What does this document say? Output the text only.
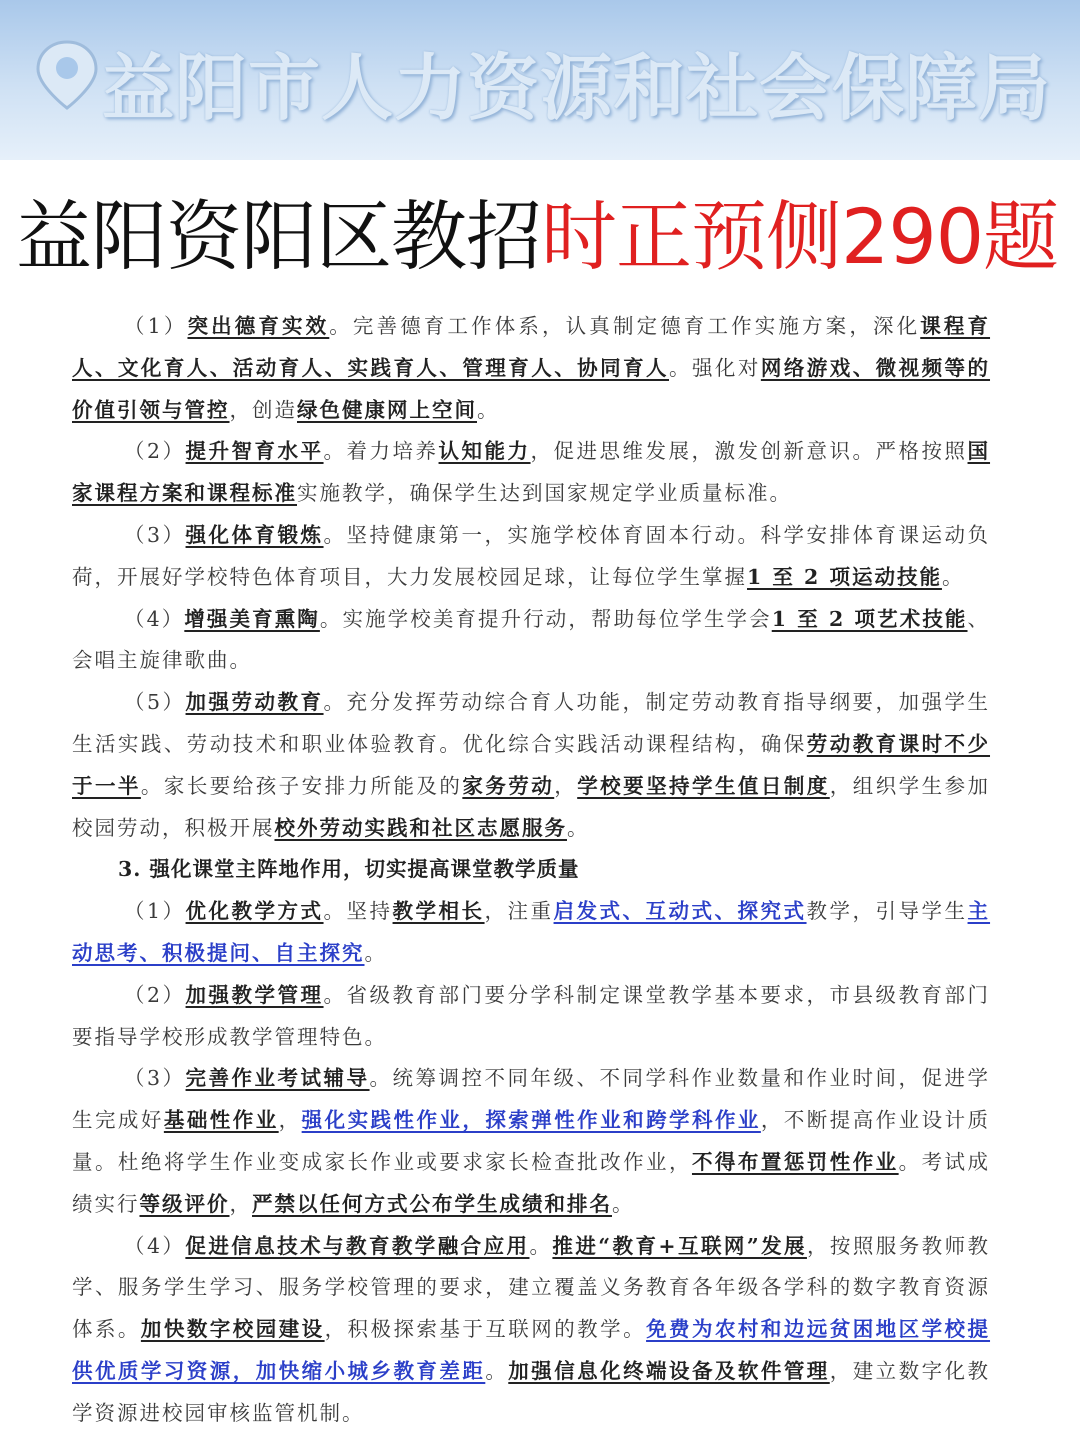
益阳市人力资源和社会保障局
益阳资阳区教招 时正预侧290题

（1）突出德育实效。完善德育工作体系，认真制定德育工作实施方案，深化课程育人、文化育人、活动育人、实践育人、管理育人、协同育人。强化对网络游戏、微视频等的价值引领与管控，创造绿色健康网上空间。

（2）提升智育水平。着力培养认知能力，促进思维发展，激发创新意识。严格按照国家课程方案和课程标准实施教学，确保学生达到国家规定学业质量标准。

（3）强化体育锻炼。坚持健康第一，实施学校体育固本行动。科学安排体育课运动负荷，开展好学校特色体育项目，大力发展校园足球，让每位学生掌握1 至 2 项运动技能。

（4）增强美育熏陶。实施学校美育提升行动，帮助每位学生学会1 至 2 项艺术技能、会唱主旋律歌曲。

（5）加强劳动教育。充分发挥劳动综合育人功能，制定劳动教育指导纲要，加强学生生活实践、劳动技术和职业体验教育。优化综合实践活动课程结构，确保劳动教育课时不少于一半。家长要给孩子安排力所能及的家务劳动，学校要坚持学生值日制度，组织学生参加校园劳动，积极开展校外劳动实践和社区志愿服务。

3. 强化课堂主阵地作用，切实提高课堂教学质量

（1）优化教学方式。坚持教学相长，注重启发式、互动式、探究式教学，引导学生主动思考、积极提问、自主探究。

（2）加强教学管理。省级教育部门要分学科制定课堂教学基本要求，市县级教育部门要指导学校形成教学管理特色。

（3）完善作业考试辅导。统筹调控不同年级、不同学科作业数量和作业时间，促进学生完成好基础性作业，强化实践性作业，探索弹性作业和跨学科作业，不断提高作业设计质量。杜绝将学生作业变成家长作业或要求家长检查批改作业，不得布置惩罚性作业。考试成绩实行等级评价，严禁以任何方式公布学生成绩和排名。

（4）促进信息技术与教育教学融合应用。推进“教育+互联网”发展，按照服务教师教学、服务学生学习、服务学校管理的要求，建立覆盖义务教育各年级各学科的数字教育资源体系。加快数字校园建设，积极探索基于互联网的教学。免费为农村和边远贫困地区学校提供优质学习资源，加快缩小城乡教育差距。加强信息化终端设备及软件管理，建立数字化教学资源进校园审核监管机制。
